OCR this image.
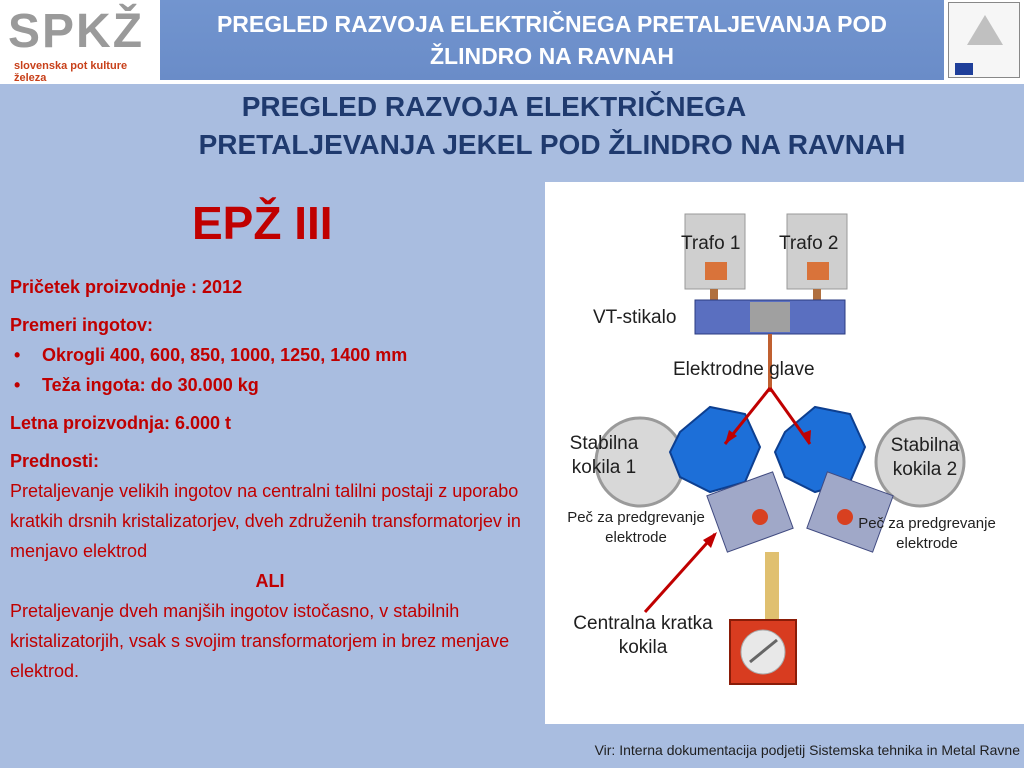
SPKŽ
slovenska pot kulture železa
PREGLED RAZVOJA ELEKTRIČNEGA PRETALJEVANJA POD
ŽLINDRO NA RAVNAH
PREGLED RAZVOJA ELEKTRIČNEGA
PRETALJEVANJA JEKEL POD ŽLINDRO NA RAVNAH
EPŽ III
Pričetek proizvodnje : 2012
Premeri ingotov:
•	Okrogli 400, 600, 850, 1000, 1250, 1400 mm
•	Teža ingota: do 30.000 kg
Letna proizvodnja: 6.000 t
Prednosti:
Pretaljevanje velikih ingotov na centralni talilni postaji z uporabo kratkih drsnih kristalizatorjev, dveh združenih transformatorjev in menjavo elektrod
ALI
Pretaljevanje dveh manjših ingotov istočasno, v stabilnih kristalizatorjih, vsak s svojim transformatorjem in brez menjave elektrod.
Trafo 1 Trafo 2
VT-stikalo
Elektrodne glave
Stabilna kokila 1
Stabilna kokila 2
Peč za predgrevanje elektrode
Peč za predgrevanje elektrode
Centralna kratka kokila
Vir: Interna dokumentacija podjetij Sistemska tehnika in Metal Ravne
